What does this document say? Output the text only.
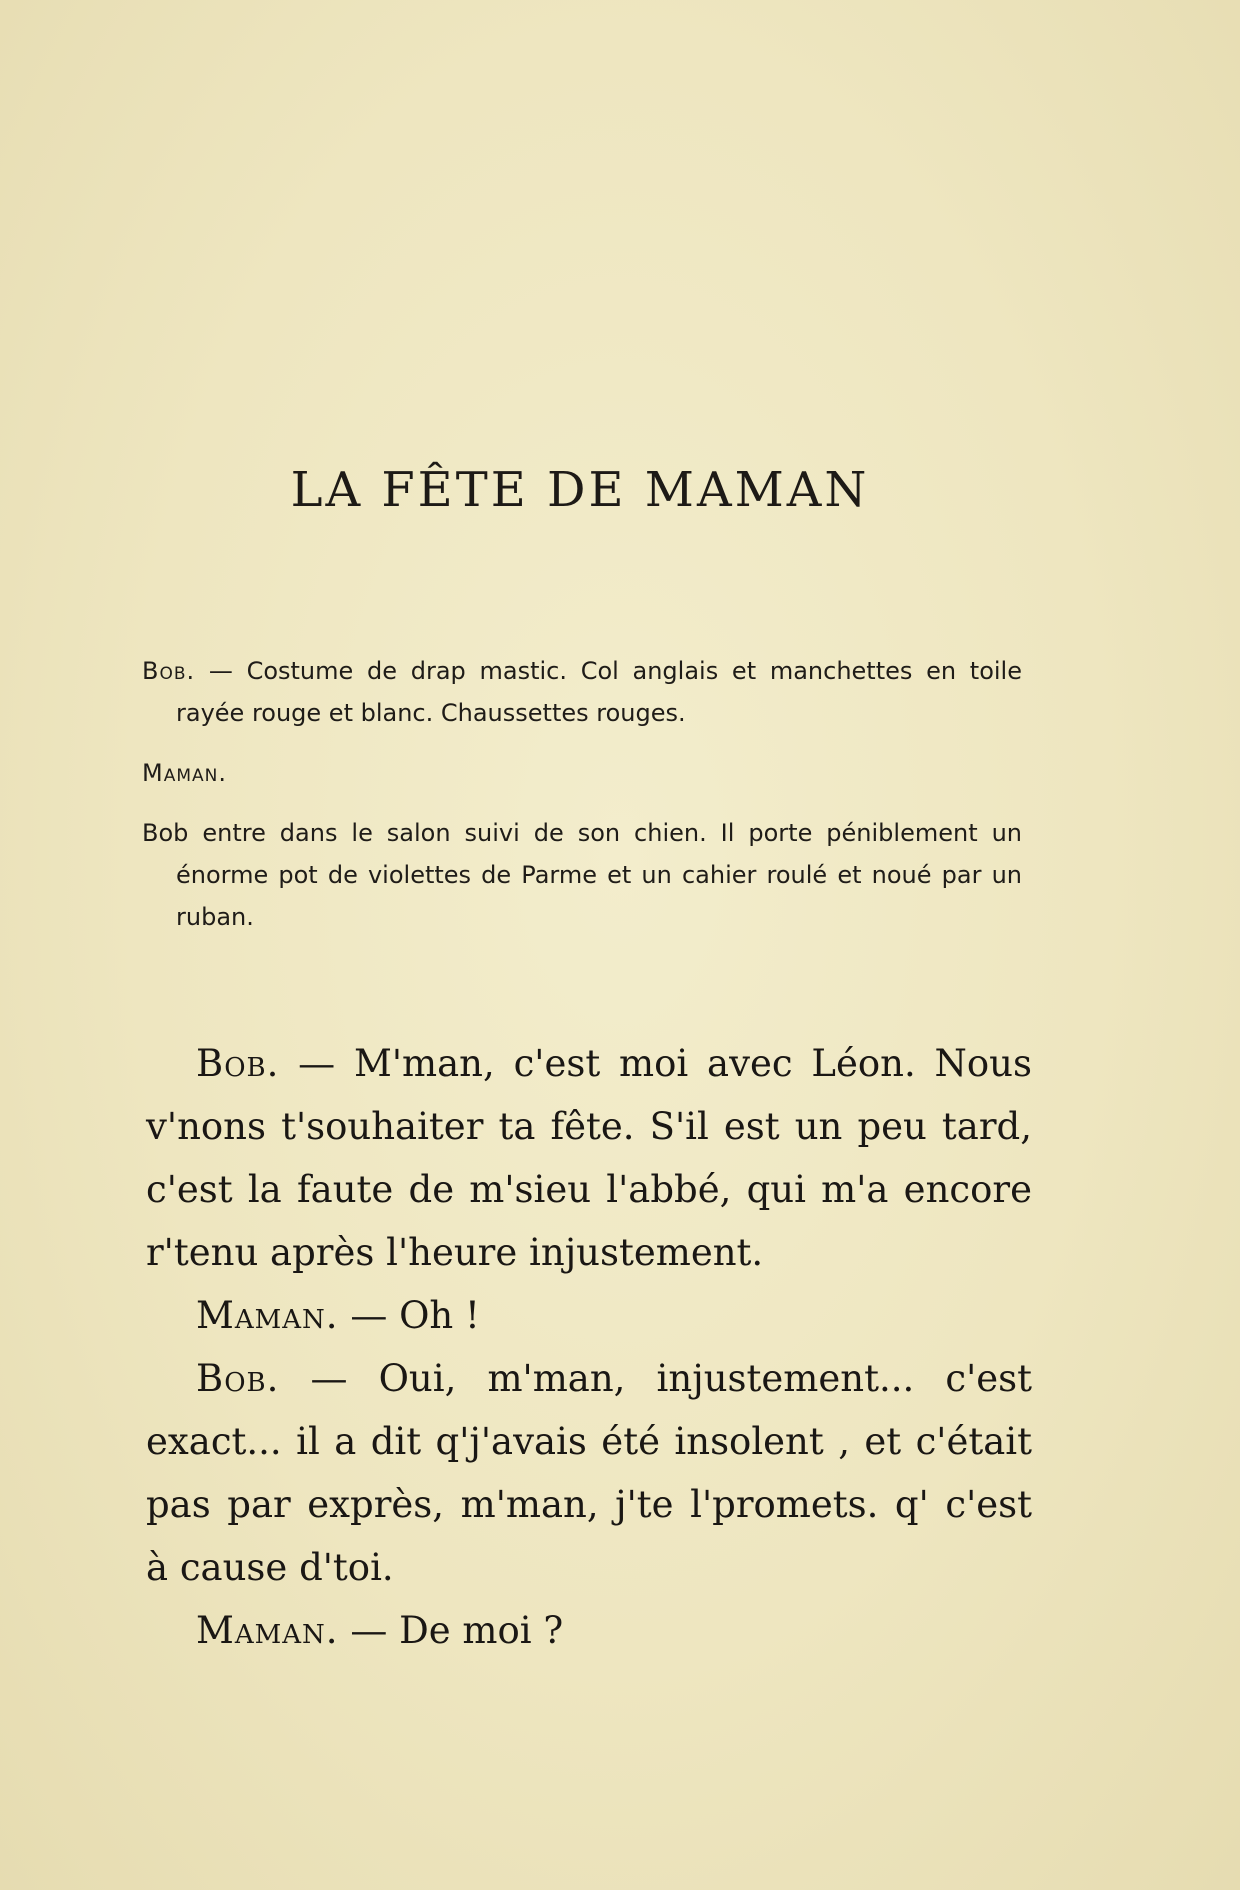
LA FÊTE DE MAMAN

Bob. — Costume de drap mastic. Col anglais et manchettes en toile rayée rouge et blanc. Chaussettes rouges.

Maman.

Bob entre dans le salon suivi de son chien. Il porte péniblement un énorme pot de violettes de Parme et un cahier roulé et noué par un ruban.

Bob. — M'man, c'est moi avec Léon. Nous v'nons t'souhaiter ta fête. S'il est un peu tard, c'est la faute de m'sieu l'abbé, qui m'a encore r'tenu après l'heure injustement.

Maman. — Oh !

Bob. — Oui, m'man, injustement... c'est exact... il a dit q'j'avais été insolent , et c'était pas par exprès, m'man, j'te l'promets. q' c'est à cause d'toi.

Maman. — De moi ?
